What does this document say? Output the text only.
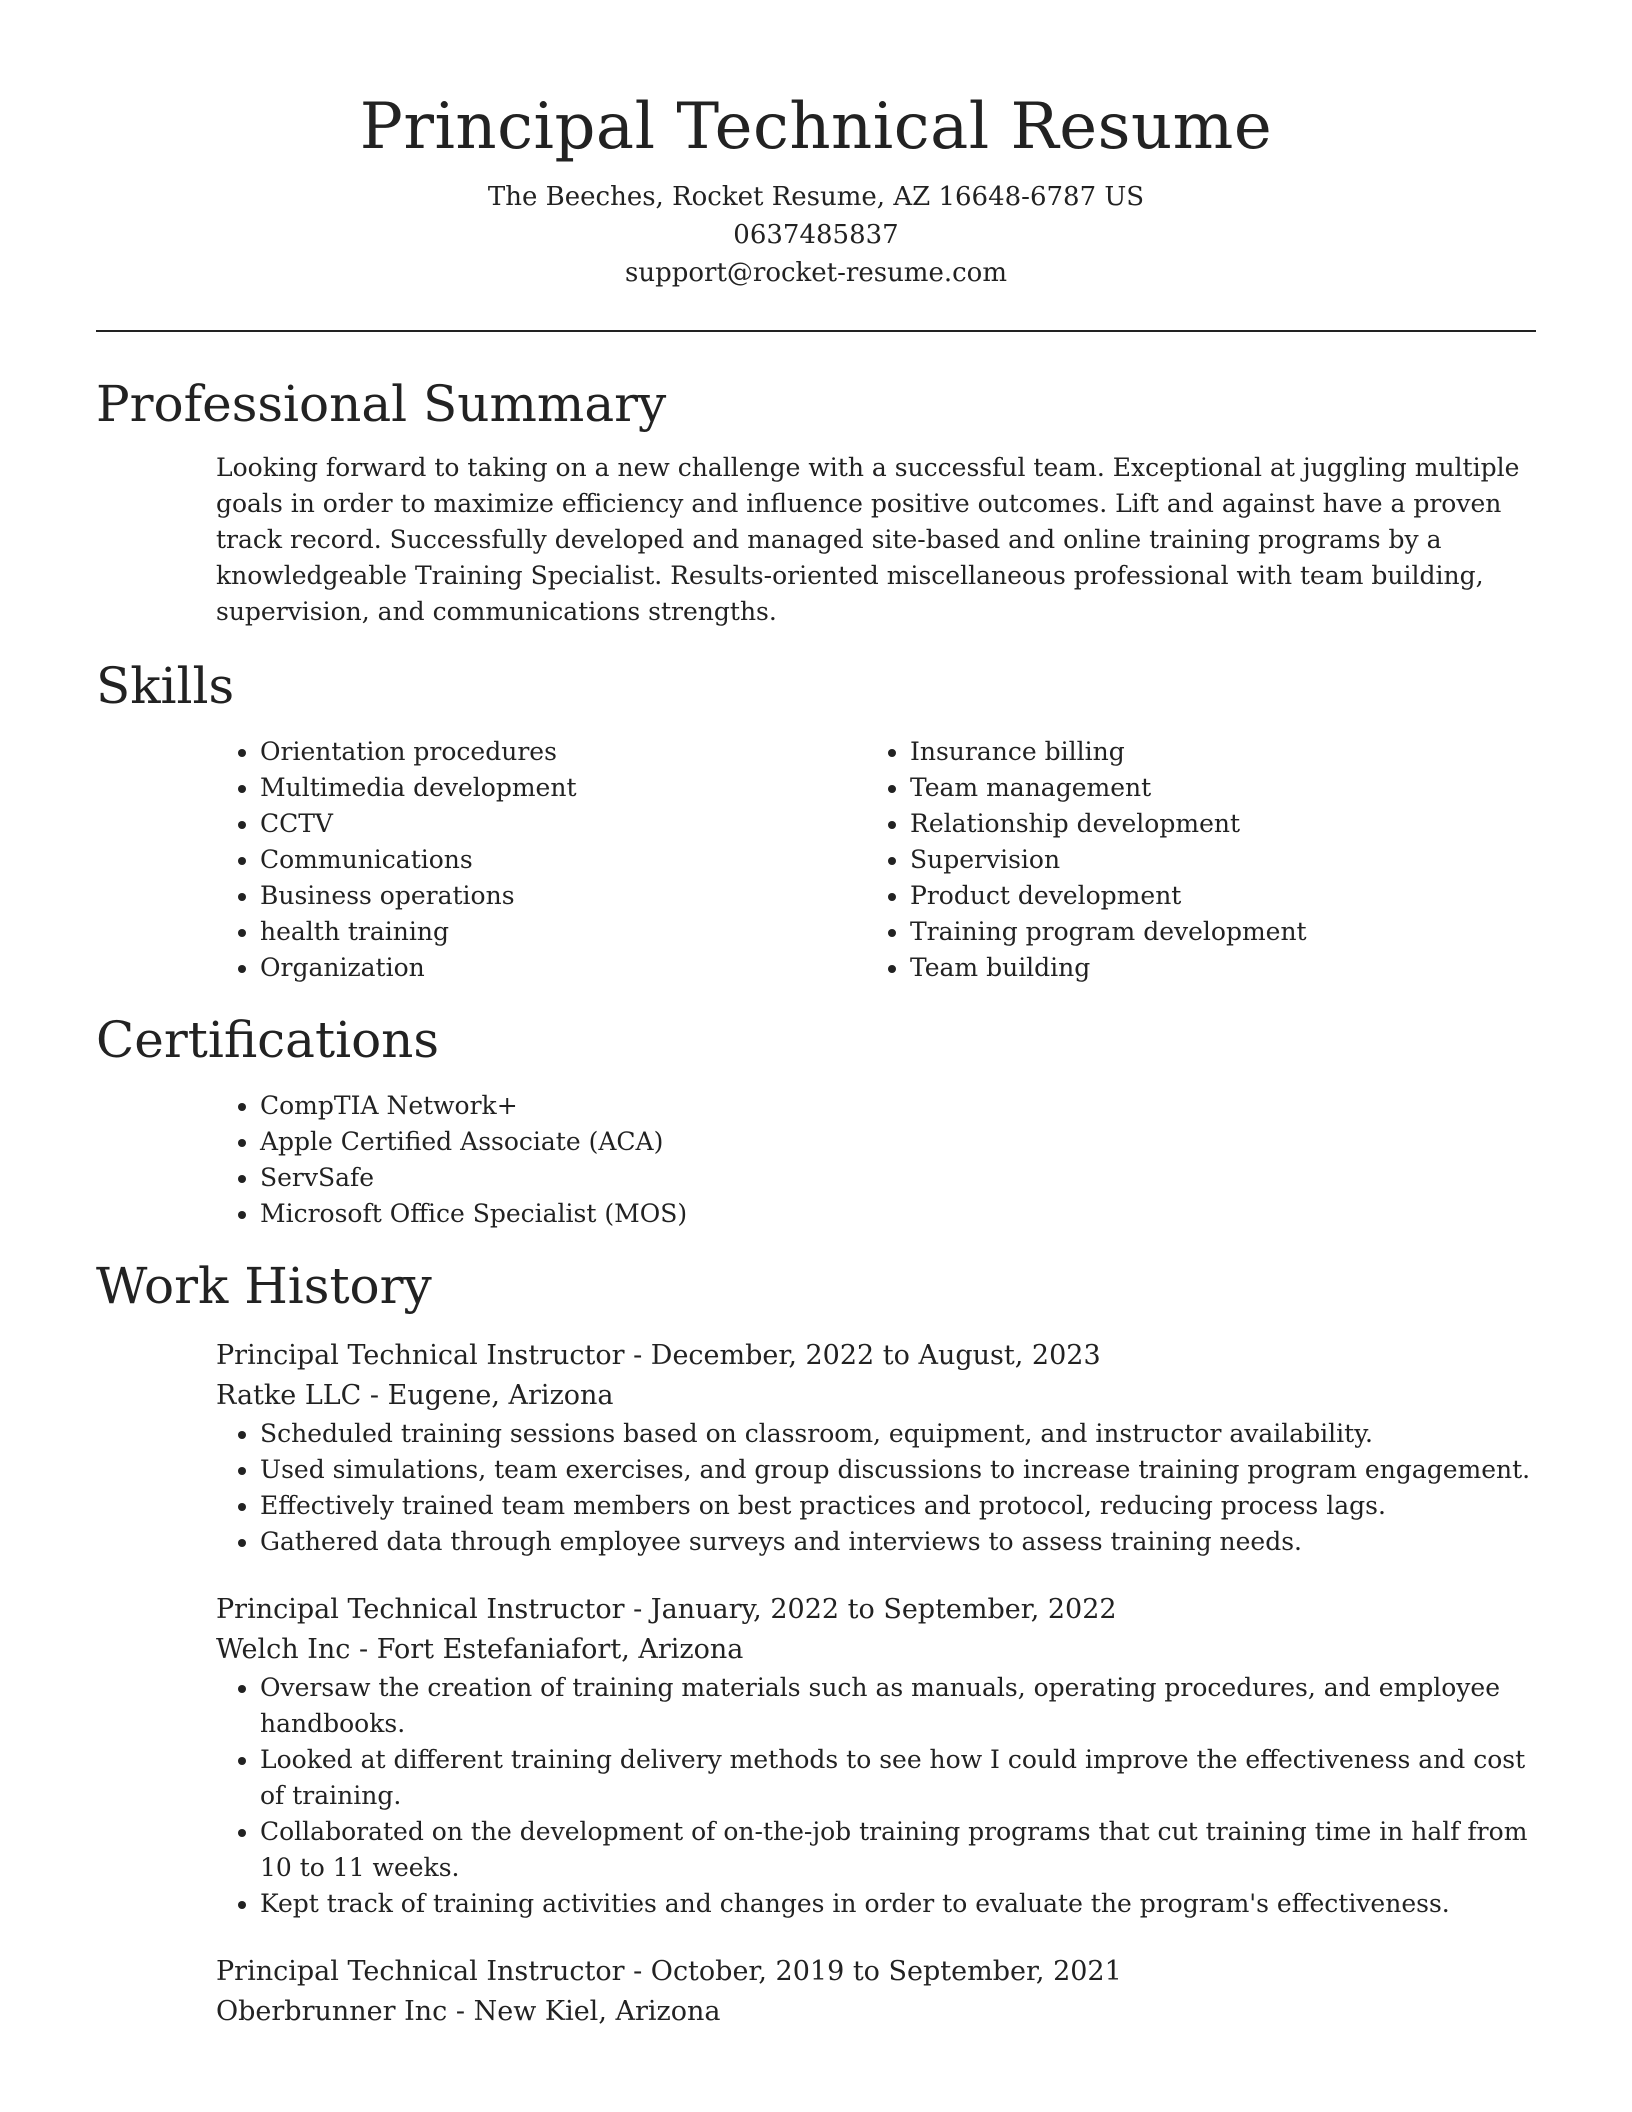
Principal Technical Resume

The Beeches, Rocket Resume, AZ 16648-6787 US

0637485837

support@rocket-resume.com

Professional Summary

Looking forward to taking on a new challenge with a successful team. Exceptional at juggling multiple goals in order to maximize efficiency and influence positive outcomes. Lift and against have a proven track record. Successfully developed and managed site-based and online training programs by a knowledgeable Training Specialist. Results-oriented miscellaneous professional with team building, supervision, and communications strengths.

Skills
• Orientation procedures
• Multimedia development
• CCTV
• Communications
• Business operations
• health training
• Organization
• Insurance billing
• Team management
• Relationship development
• Supervision
• Product development
• Training program development
• Team building
Certifications
• CompTIA Network+
• Apple Certified Associate (ACA)
• ServSafe
• Microsoft Office Specialist (MOS)
Work History

Principal Technical Instructor - December, 2022 to August, 2023

Ratke LLC - Eugene, Arizona

• Scheduled training sessions based on classroom, equipment, and instructor availability.
• Used simulations, team exercises, and group discussions to increase training program engagement.
• Effectively trained team members on best practices and protocol, reducing process lags.
• Gathered data through employee surveys and interviews to assess training needs.

Principal Technical Instructor - January, 2022 to September, 2022

Welch Inc - Fort Estefaniafort, Arizona

• Oversaw the creation of training materials such as manuals, operating procedures, and employee handbooks.
• Looked at different training delivery methods to see how I could improve the effectiveness and cost of training.
• Collaborated on the development of on-the-job training programs that cut training time in half from 10 to 11 weeks.
• Kept track of training activities and changes in order to evaluate the program's effectiveness.

Principal Technical Instructor - October, 2019 to September, 2021

Oberbrunner Inc - New Kiel, Arizona
